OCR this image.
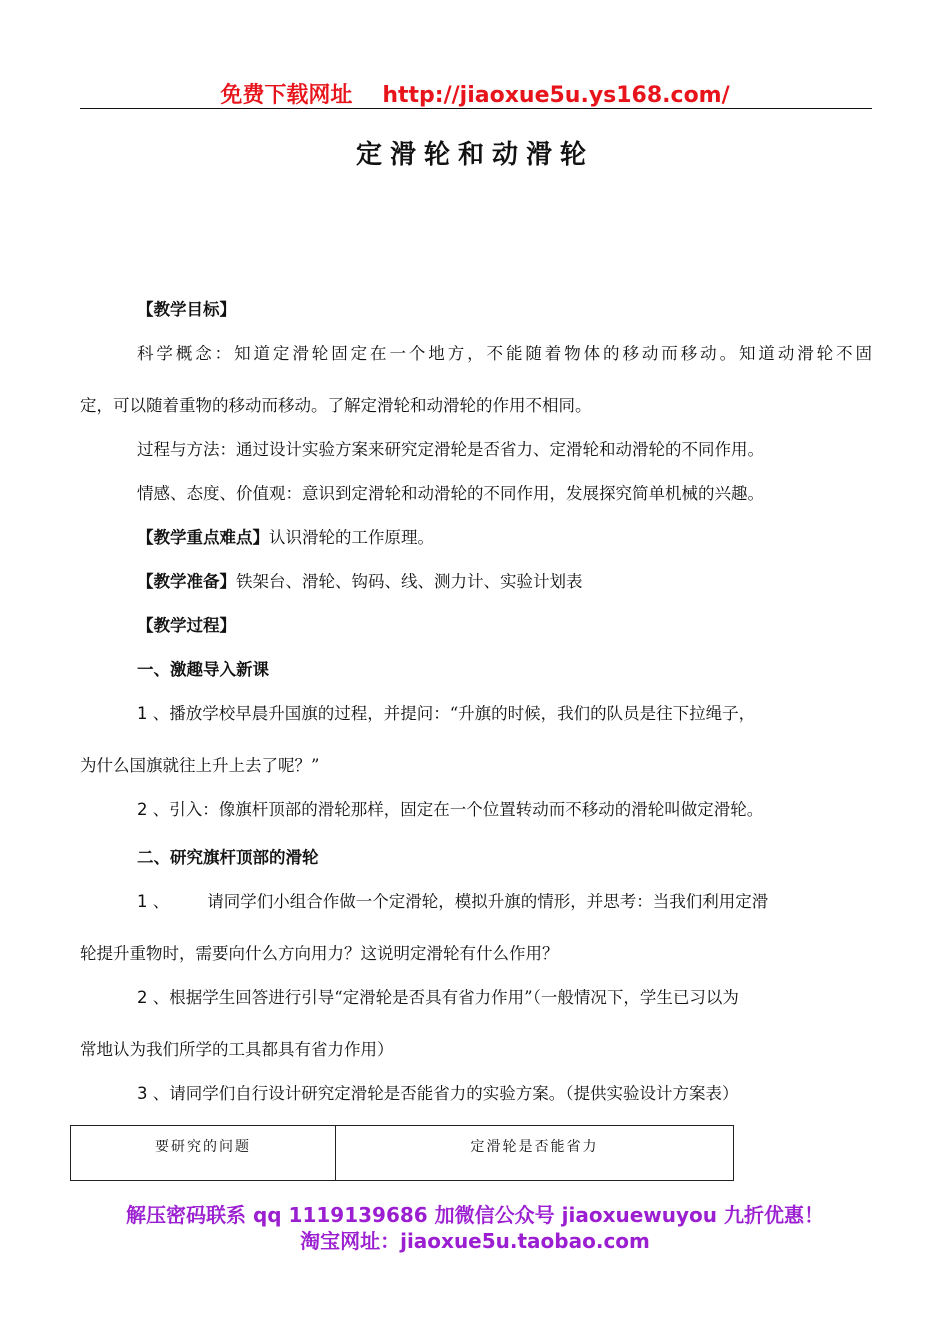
免费下载网址 http://jiaoxue5u.ys168.com/
定滑轮和动滑轮
【教学目标】
科学概念：知道定滑轮固定在一个地方，不能随着物体的移动而移动。知道动滑轮不固
定，可以随着重物的移动而移动。了解定滑轮和动滑轮的作用不相同。
过程与方法：通过设计实验方案来研究定滑轮是否省力、定滑轮和动滑轮的不同作用。
情感、态度、价值观：意识到定滑轮和动滑轮的不同作用，发展探究简单机械的兴趣。
【教学重点难点】认识滑轮的工作原理。
【教学准备】铁架台、滑轮、钩码、线、测力计、实验计划表
【教学过程】
一、激趣导入新课
1 、播放学校早晨升国旗的过程，并提问：“升旗的时候，我们的队员是往下拉绳子，
为什么国旗就往上升上去了呢？”
2 、引入：像旗杆顶部的滑轮那样，固定在一个位置转动而不移动的滑轮叫做定滑轮。
二、研究旗杆顶部的滑轮
1 、 请同学们小组合作做一个定滑轮，模拟升旗的情形，并思考：当我们利用定滑
轮提升重物时，需要向什么方向用力？这说明定滑轮有什么作用？
2 、根据学生回答进行引导“定滑轮是否具有省力作用”（一般情况下，学生已习以为
常地认为我们所学的工具都具有省力作用）
3 、请同学们自行设计研究定滑轮是否能省力的实验方案。（提供实验设计方案表）
要研究的问题	定滑轮是否能省力
解压密码联系 qq 1119139686 加微信公众号 jiaoxuewuyou 九折优惠！
淘宝网址：jiaoxue5u.taobao.com
